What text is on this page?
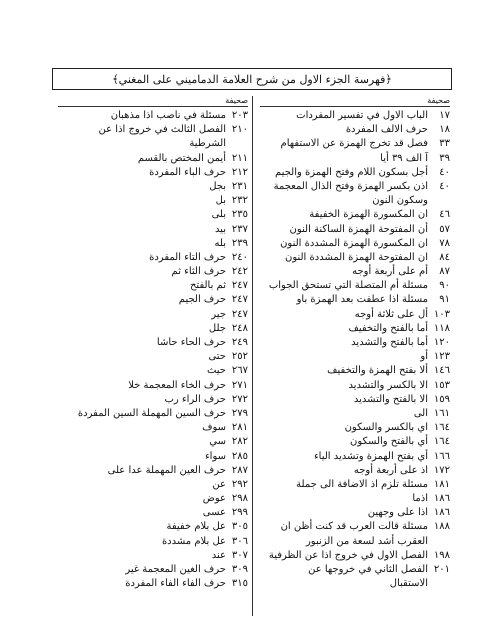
﴿فهرسة الجزء الاول من شرح العلامة الدماميني على المغني﴾
صحيفة
١٧
الباب الاول في تفسير المفردات
١٨
حرف الالف المفردة
٣٣
فصل قد تخرج الهمزة عن الاستفهام
٣٩
آ الف ٣٩ أيا
٤٠
أجل بسكون اللام وفتح الهمزة والجيم
٤٠
اذن بكسر الهمزة وفتح الذال المعجمة
وسكون النون
٤٦
ان المكسورة الهمزة الخفيفة
٥٧
أن المفتوحة الهمزة الساكنة النون
٧٨
ان المكسورة الهمزة المشددة النون
٨٤
ان المفتوحة الهمزة المشددة النون
٨٧
أم على أربعة أوجه
٩٠
مسئلة أم المتصلة التي تستحق الجواب
٩١
مسئلة اذا عطفت بعد الهمزة باو
١٠٣
أل على ثلاثة أوجه
١١٨
أما بالفتح والتخفيف
١٢٠
أما بالفتح والتشديد
١٢٣
أو
١٤٦
ألا بفتح الهمزة والتخفيف
١٥٣
الا بالكسر والتشديد
١٥٩
الا بالفتح والتشديد
١٦١
الى
١٦٤
اي بالكسر والسكون
١٦٤
أي بالفتح والسكون
١٦٦
أي بفتح الهمزة وتشديد الياء
١٧٢
اذ على أربعة أوجه
١٨١
مسئلة تلزم اذ الاضافة الى جملة
١٨٦
اذما
١٨٦
اذا على وجهين
١٨٨
مسئلة قالت العرب قد كنت أظن ان
العقرب أشد لسعة من الزنبور
١٩٨
الفصل الاول في خروج اذا عن الظرفية
٢٠١
الفصل الثاني في خروجها عن
الاستقبال
صحيفة
٢٠٣
مسئلة في ناصب اذا مذهبان
٢١٠
الفصل الثالث في خروج اذا عن
الشرطية
٢١١
أيمن المختص بالقسم
٢١٢
حرف الباء المفردة
٢٣١
بجل
٢٣٢
بل
٢٣٥
بلى
٢٣٧
بيد
٢٣٩
بله
٢٤٠
حرف التاء المفردة
٢٤٢
حرف الثاء ثم
٢٤٧
ثم بالفتح
٢٤٧
حرف الجيم
٢٤٧
جير
٢٤٨
جلل
٢٤٩
حرف الحاء حاشا
٢٥٢
حتى
٢٦٧
حيث
٢٧١
حرف الخاء المعجمة خلا
٢٧٢
حرف الراء رب
٢٧٩
حرف السين المهملة السين المفردة
٢٨١
سوف
٢٨٢
سي
٢٨٥
سواء
٢٨٧
حرف العين المهملة عدا على
٢٩٢
عن
٢٩٨
عوض
٢٩٩
عسى
٣٠٥
عل بلام خفيفة
٣٠٦
عل بلام مشددة
٣٠٧
عند
٣٠٩
حرف الغين المعجمة غير
٣١٥
حرف الفاء الفاء المفردة
